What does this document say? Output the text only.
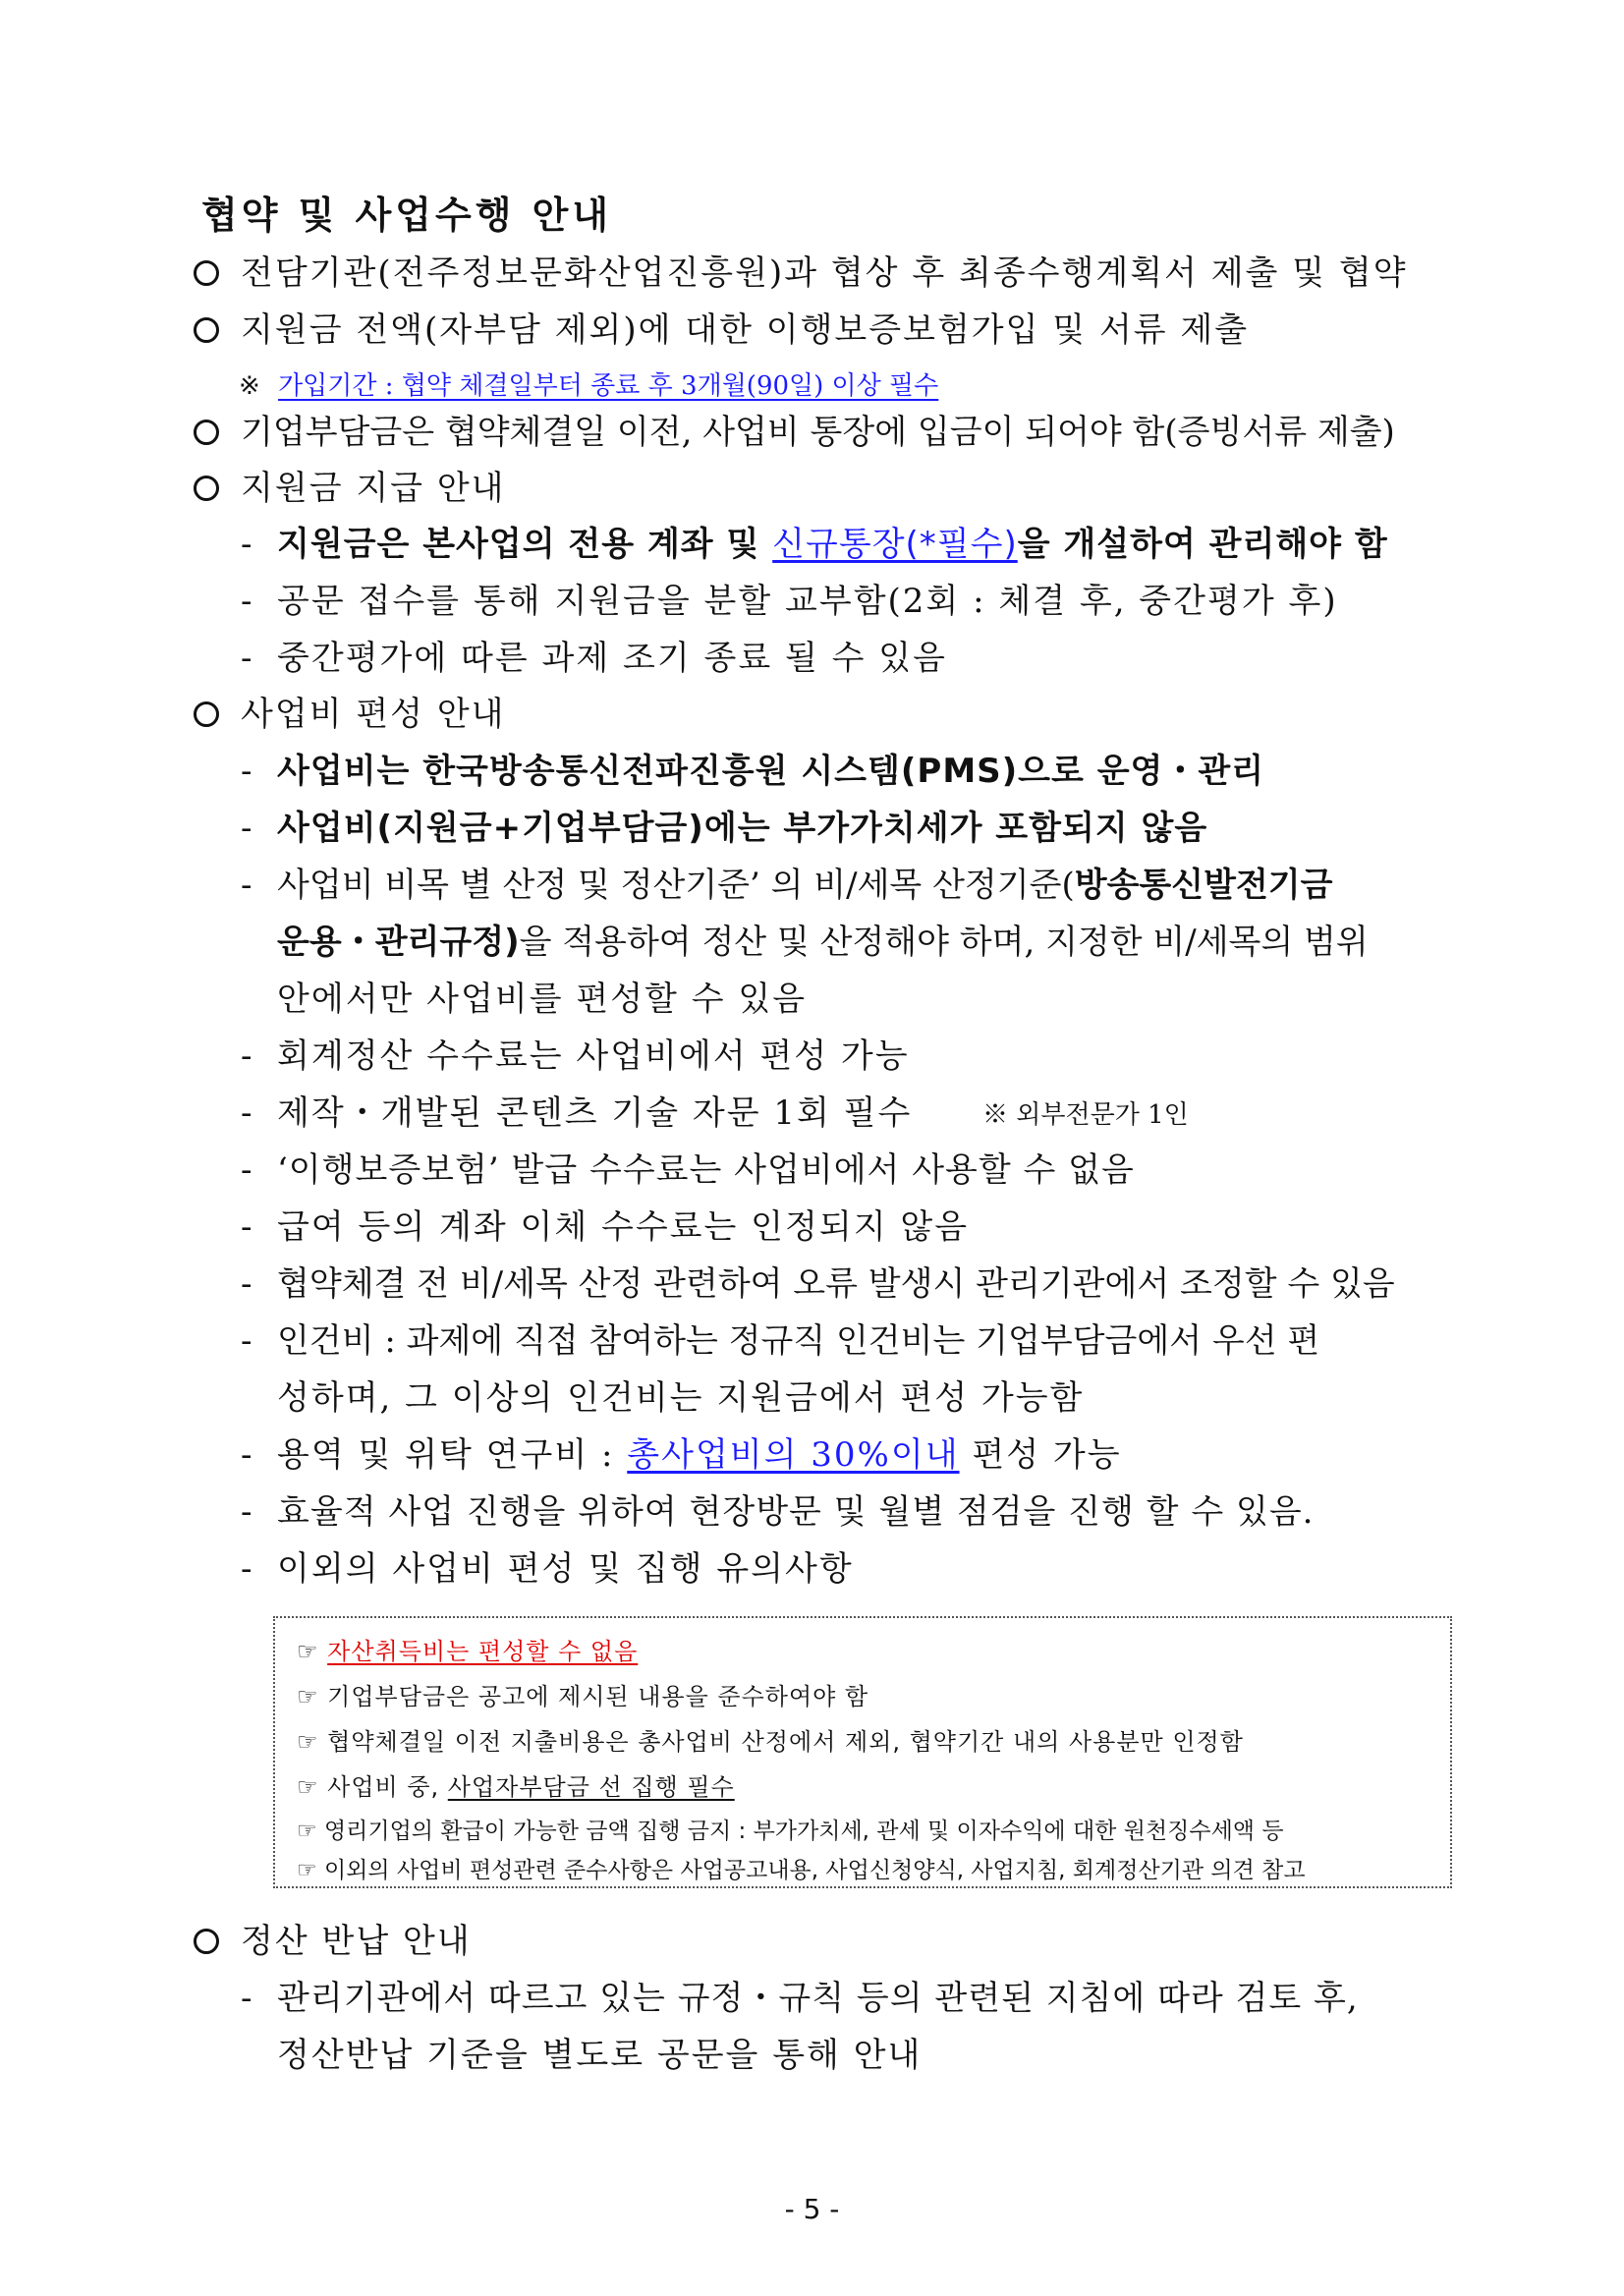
협약 및 사업수행 안내
전담기관(전주정보문화산업진흥원)과 협상 후 최종수행계획서 제출 및 협약
지원금 전액(자부담 제외)에 대한 이행보증보험가입 및 서류 제출
※ 가입기간 : 협약 체결일부터 종료 후 3개월(90일) 이상 필수
기업부담금은 협약체결일 이전, 사업비 통장에 입금이 되어야 함(증빙서류 제출)
지원금 지급 안내
- 지원금은 본사업의 전용 계좌 및 신규통장(*필수)을 개설하여 관리해야 함
- 공문 접수를 통해 지원금을 분할 교부함(2회 : 체결 후, 중간평가 후)
- 중간평가에 따른 과제 조기 종료 될 수 있음
사업비 편성 안내
- 사업비는 한국방송통신전파진흥원 시스템(PMS)으로 운영・관리
- 사업비(지원금+기업부담금)에는 부가가치세가 포함되지 않음
- 사업비 비목 별 산정 및 정산기준’ 의 비/세목 산정기준(방송통신발전기금
운용・관리규정)을 적용하여 정산 및 산정해야 하며, 지정한 비/세목의 범위
안에서만 사업비를 편성할 수 있음
- 회계정산 수수료는 사업비에서 편성 가능
- 제작・개발된 콘텐츠 기술 자문 1회 필수	※ 외부전문가 1인
- ‘이행보증보험’ 발급 수수료는 사업비에서 사용할 수 없음
- 급여 등의 계좌 이체 수수료는 인정되지 않음
- 협약체결 전 비/세목 산정 관련하여 오류 발생시 관리기관에서 조정할 수 있음
- 인건비 : 과제에 직접 참여하는 정규직 인건비는 기업부담금에서 우선 편
성하며, 그 이상의 인건비는 지원금에서 편성 가능함
- 용역 및 위탁 연구비 : 총사업비의 30%이내 편성 가능
- 효율적 사업 진행을 위하여 현장방문 및 월별 점검을 진행 할 수 있음.
- 이외의 사업비 편성 및 집행 유의사항
☞ 자산취득비는 편성할 수 없음
☞ 기업부담금은 공고에 제시된 내용을 준수하여야 함
☞ 협약체결일 이전 지출비용은 총사업비 산정에서 제외, 협약기간 내의 사용분만 인정함
☞ 사업비 중, 사업자부담금 선 집행 필수
☞ 영리기업의 환급이 가능한 금액 집행 금지 : 부가가치세, 관세 및 이자수익에 대한 원천징수세액 등
☞ 이외의 사업비 편성관련 준수사항은 사업공고내용, 사업신청양식, 사업지침, 회계정산기관 의견 참고
정산 반납 안내
- 관리기관에서 따르고 있는 규정・규칙 등의 관련된 지침에 따라 검토 후,
정산반납 기준을 별도로 공문을 통해 안내
- 5 -
